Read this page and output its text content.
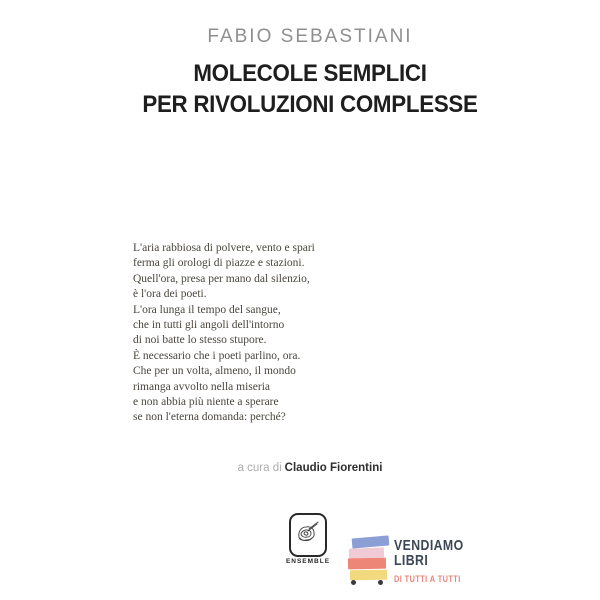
FABIO SEBASTIANI
MOLECOLE SEMPLICI
PER RIVOLUZIONI COMPLESSE
L'aria rabbiosa di polvere, vento e spari
ferma gli orologi di piazze e stazioni.
Quell'ora, presa per mano dal silenzio,
è l'ora dei poeti.
L'ora lunga il tempo del sangue,
che in tutti gli angoli dell'intorno
di noi batte lo stesso stupore.
È necessario che i poeti parlino, ora.
Che per un volta, almeno, il mondo
rimanga avvolto nella miseria
e non abbia più niente a sperare
se non l'eterna domanda: perché?
a cura di Claudio Fiorentini
ENSEMBLE
VENDIAMO
LIBRI
DI TUTTI A TUTTI
